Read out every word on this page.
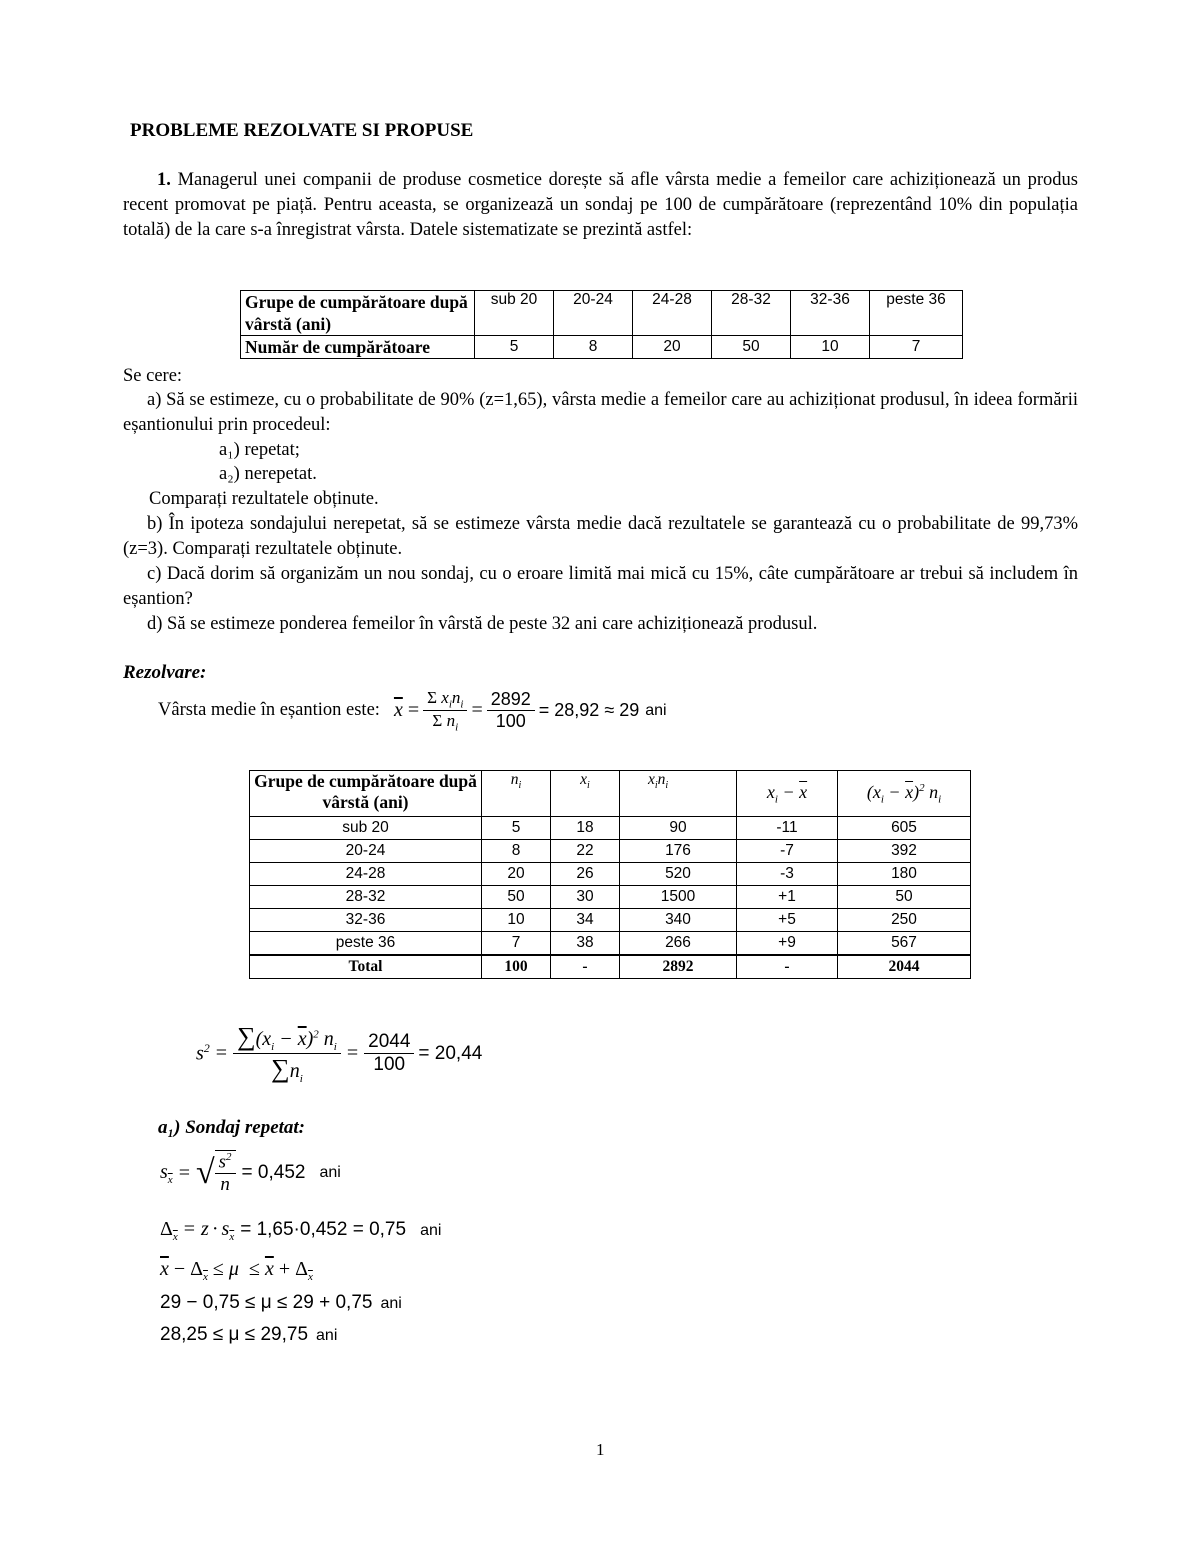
PROBLEME REZOLVATE SI PROPUSE
1. Managerul unei companii de produse cosmetice dorește să afle vârsta medie a femeilor care achiziționează un produs recent promovat pe piață. Pentru aceasta, se organizează un sondaj pe 100 de cumpărătoare (reprezentând 10% din populația totală) de la care s-a înregistrat vârsta. Datele sistematizate se prezintă astfel:
Grupe de cumpărătoare după vârstă (ani)	sub 20	20-24	24-28	28-32	32-36	peste 36
Număr de cumpărătoare	5	8	20	50	10	7
Se cere:
a) Să se estimeze, cu o probabilitate de 90% (z=1,65), vârsta medie a femeilor care au achiziționat produsul, în ideea formării eșantionului prin procedeul:
a₁) repetat;
a₂) nerepetat.
Comparați rezultatele obținute.
b) În ipoteza sondajului nerepetat, să se estimeze vârsta medie dacă rezultatele se garantează cu o probabilitate de 99,73% (z=3). Comparați rezultatele obținute.
c) Dacă dorim să organizăm un nou sondaj, cu o eroare limită mai mică cu 15%, câte cumpărătoare ar trebui să includem în eșantion?
d) Să se estimeze ponderea femeilor în vârstă de peste 32 ani care achiziționează produsul.
Rezolvare:
Vârsta medie în eșantion este: $\overline{x} = \frac{\Sigma x_in_i}{\Sigma n_i} = \frac{2892}{100} = 28,92 \approx 29$ ani
Grupe de cumpărătoare după vârstă (ani)	$n_i$	$x_i$	$x_in_i$	$x_i - \overline{x}$	$(x_i - \overline{x})^2$ $n_i$
sub 20	5	18	90	-11	605
20-24	8	22	176	-7	392
24-28	20	26	520	-3	180
28-32	50	30	1500	+1	50
32-36	10	34	340	+5	250
peste 36	7	38	266	+9	567
Total	100	-	2892	-	2044
$s^2 = \frac{\sum(x_i - \overline{x})^2 n_i}{\sum n_i} = \frac{2044}{100} = 20,44$
a₁) Sondaj repetat:
$s_{\overline{x}}$ = √ $\frac{s^2}{n} = 0,452$ ani
$\Delta_{\overline{x}} = z \cdot s_{\overline{x}} = 1,65\cdot 0,452 = 0,75$ ani
$\overline{x} - \Delta_{\overline{x}} \le \mu \le \overline{x} + \Delta_{\overline{x}}$
29 − 0,75 ≤ μ ≤ 29 + 0,75 ani
28,25 ≤ μ ≤ 29,75 ani
1
